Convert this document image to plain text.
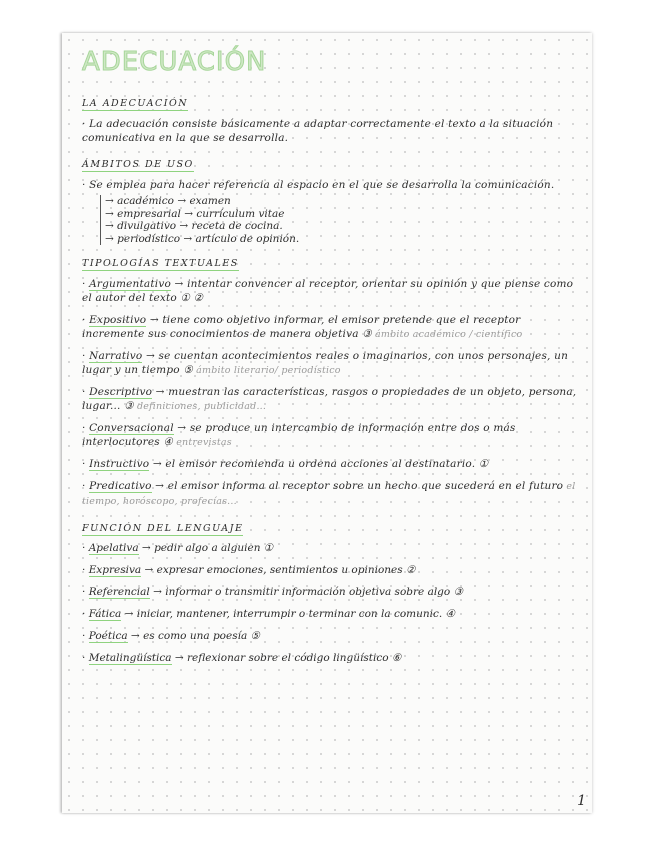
ADECUACIÓN
LA ADECUACIÓN

· La adecuación consiste básicamente a adaptar correctamente el texto a la situación comunicativa en la que se desarrolla.

ÁMBITOS DE USO

· Se emplea para hacer referencia al espacio en el que se desarrolla la comunicación.

→ académico → examen
→ empresarial → currículum vitae
→ divulgativo → receta de cocina.
→ periodístico → artículo de opinión.
TIPOLOGÍAS TEXTUALES

· Argumentativo → intentar convencer al receptor, orientar su opinión y que piense como el autor del texto ① ②

· Expositivo → tiene como objetivo informar, el emisor pretende que el receptor incremente sus conocimientos de manera objetiva ③ ámbito académico / científico

· Narrativo → se cuentan acontecimientos reales o imaginarios, con unos personajes, un lugar y un tiempo ⑤ ámbito literario/ periodístico

· Descriptivo → muestran las características, rasgos o propiedades de un objeto, persona, lugar... ③ definiciones, publicidad...

· Conversacional → se produce un intercambio de información entre dos o más interlocutores ④ entrevistas

· Instructivo → el emisor recomienda u ordena acciones al destinatario. ①

· Predicativo → el emisor informa al receptor sobre un hecho que sucederá en el futuro el tiempo, horóscopo, profecías...

FUNCIÓN DEL LENGUAJE

· Apelativa → pedir algo a alguien ①

· Expresiva → expresar emociones, sentimientos u opiniones ②

· Referencial → informar o transmitir información objetiva sobre algo ③

· Fática → iniciar, mantener, interrumpir o terminar con la comunic. ④

· Poética → es como una poesía ⑤

· Metalingüística → reflexionar sobre el código lingüístico ⑥

1
